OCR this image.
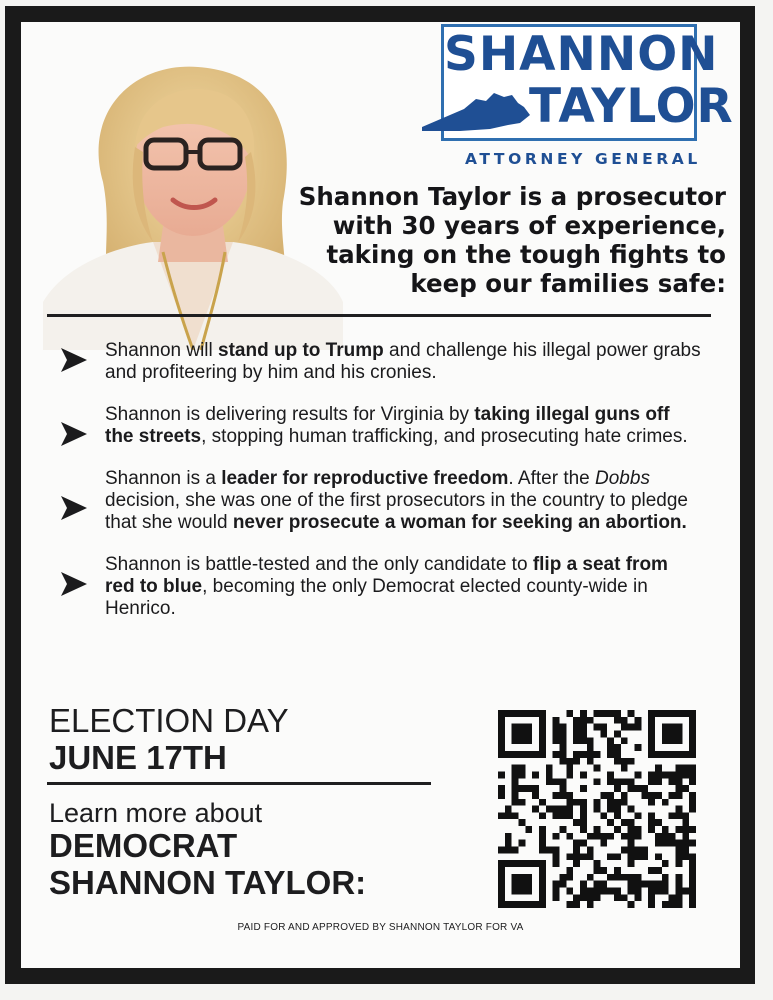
SHANNON
TAYLOR
ATTORNEY GENERAL
Shannon Taylor is a prosecutor with 30 years of experience, taking on the tough fights to keep our families safe:
Shannon will stand up to Trump and challenge his illegal power grabs and profiteering by him and his cronies.
Shannon is delivering results for Virginia by taking illegal guns off the streets, stopping human trafficking, and prosecuting hate crimes.
Shannon is a leader for reproductive freedom. After the Dobbs decision, she was one of the first prosecutors in the country to pledge that she would never prosecute a woman for seeking an abortion.
Shannon is battle-tested and the only candidate to flip a seat from red to blue, becoming the only Democrat elected county-wide in Henrico.
ELECTION DAY
JUNE 17TH
Learn more about
DEMOCRAT
SHANNON TAYLOR:
PAID FOR AND APPROVED BY SHANNON TAYLOR FOR VA
